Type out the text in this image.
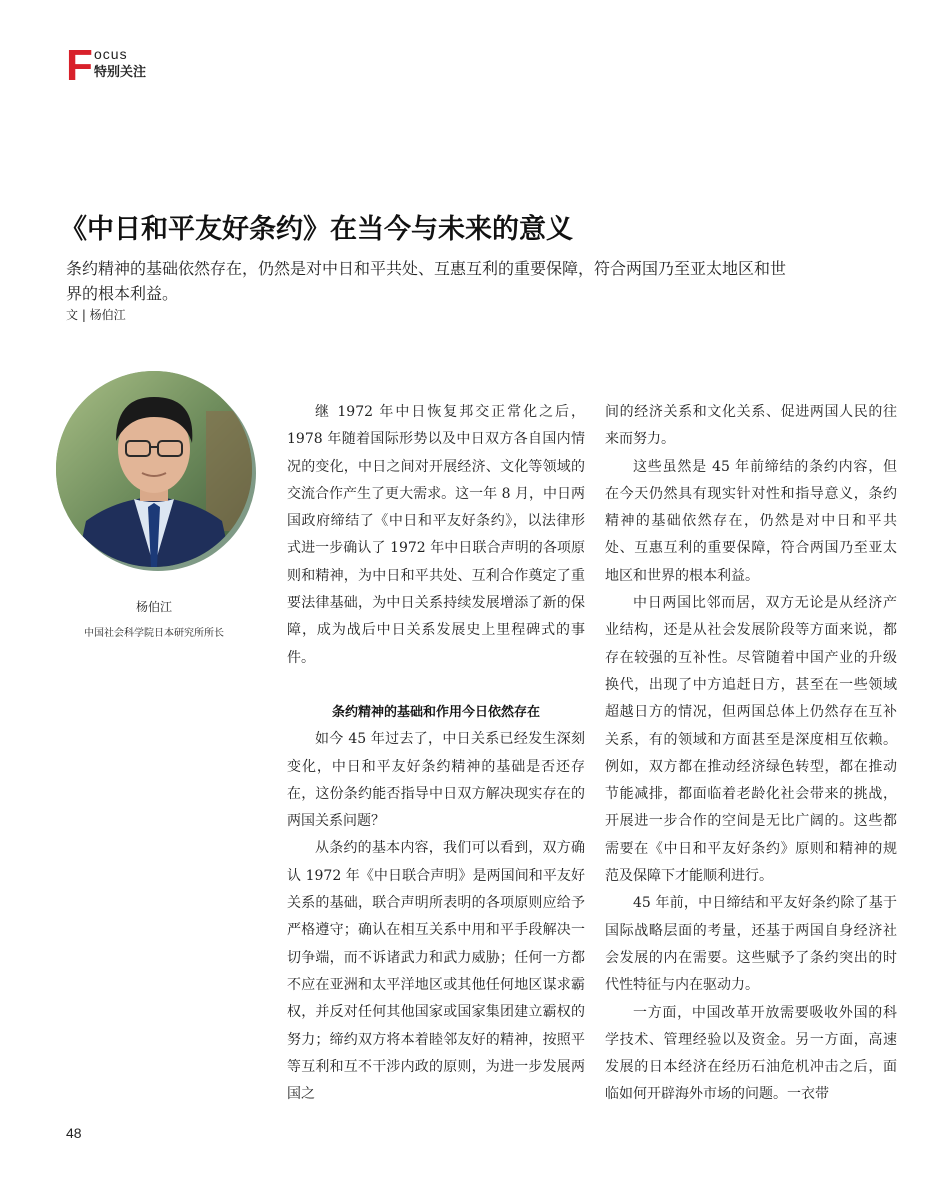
F ocus
特别关注
《中日和平友好条约》在当今与未来的意义

条约精神的基础依然存在，仍然是对中日和平共处、互惠互利的重要保障，符合两国乃至亚太地区和世界的根本利益。

文 | 杨伯江

杨伯江
中国社会科学院日本研究所所长

继 1972 年中日恢复邦交正常化之后，1978 年随着国际形势以及中日双方各自国内情况的变化，中日之间对开展经济、文化等领域的交流合作产生了更大需求。这一年 8 月，中日两国政府缔结了《中日和平友好条约》，以法律形式进一步确认了 1972 年中日联合声明的各项原则和精神，为中日和平共处、互利合作奠定了重要法律基础，为中日关系持续发展增添了新的保障，成为战后中日关系发展史上里程碑式的事件。

条约精神的基础和作用今日依然存在

如今 45 年过去了，中日关系已经发生深刻变化，中日和平友好条约精神的基础是否还存在，这份条约能否指导中日双方解决现实存在的两国关系问题？

从条约的基本内容，我们可以看到，双方确认 1972 年《中日联合声明》是两国间和平友好关系的基础，联合声明所表明的各项原则应给予严格遵守；确认在相互关系中用和平手段解决一切争端，而不诉诸武力和武力威胁；任何一方都不应在亚洲和太平洋地区或其他任何地区谋求霸权，并反对任何其他国家或国家集团建立霸权的努力；缔约双方将本着睦邻友好的精神，按照平等互利和互不干涉内政的原则，为进一步发展两国之

间的经济关系和文化关系、促进两国人民的往来而努力。

这些虽然是 45 年前缔结的条约内容，但在今天仍然具有现实针对性和指导意义，条约精神的基础依然存在，仍然是对中日和平共处、互惠互利的重要保障，符合两国乃至亚太地区和世界的根本利益。

中日两国比邻而居，双方无论是从经济产业结构，还是从社会发展阶段等方面来说，都存在较强的互补性。尽管随着中国产业的升级换代，出现了中方追赶日方，甚至在一些领域超越日方的情况，但两国总体上仍然存在互补关系，有的领域和方面甚至是深度相互依赖。例如，双方都在推动经济绿色转型，都在推动节能减排，都面临着老龄化社会带来的挑战，开展进一步合作的空间是无比广阔的。这些都需要在《中日和平友好条约》原则和精神的规范及保障下才能顺利进行。

45 年前，中日缔结和平友好条约除了基于国际战略层面的考量，还基于两国自身经济社会发展的内在需要。这些赋予了条约突出的时代性特征与内在驱动力。

一方面，中国改革开放需要吸收外国的科学技术、管理经验以及资金。另一方面，高速发展的日本经济在经历石油危机冲击之后，面临如何开辟海外市场的问题。一衣带

48
